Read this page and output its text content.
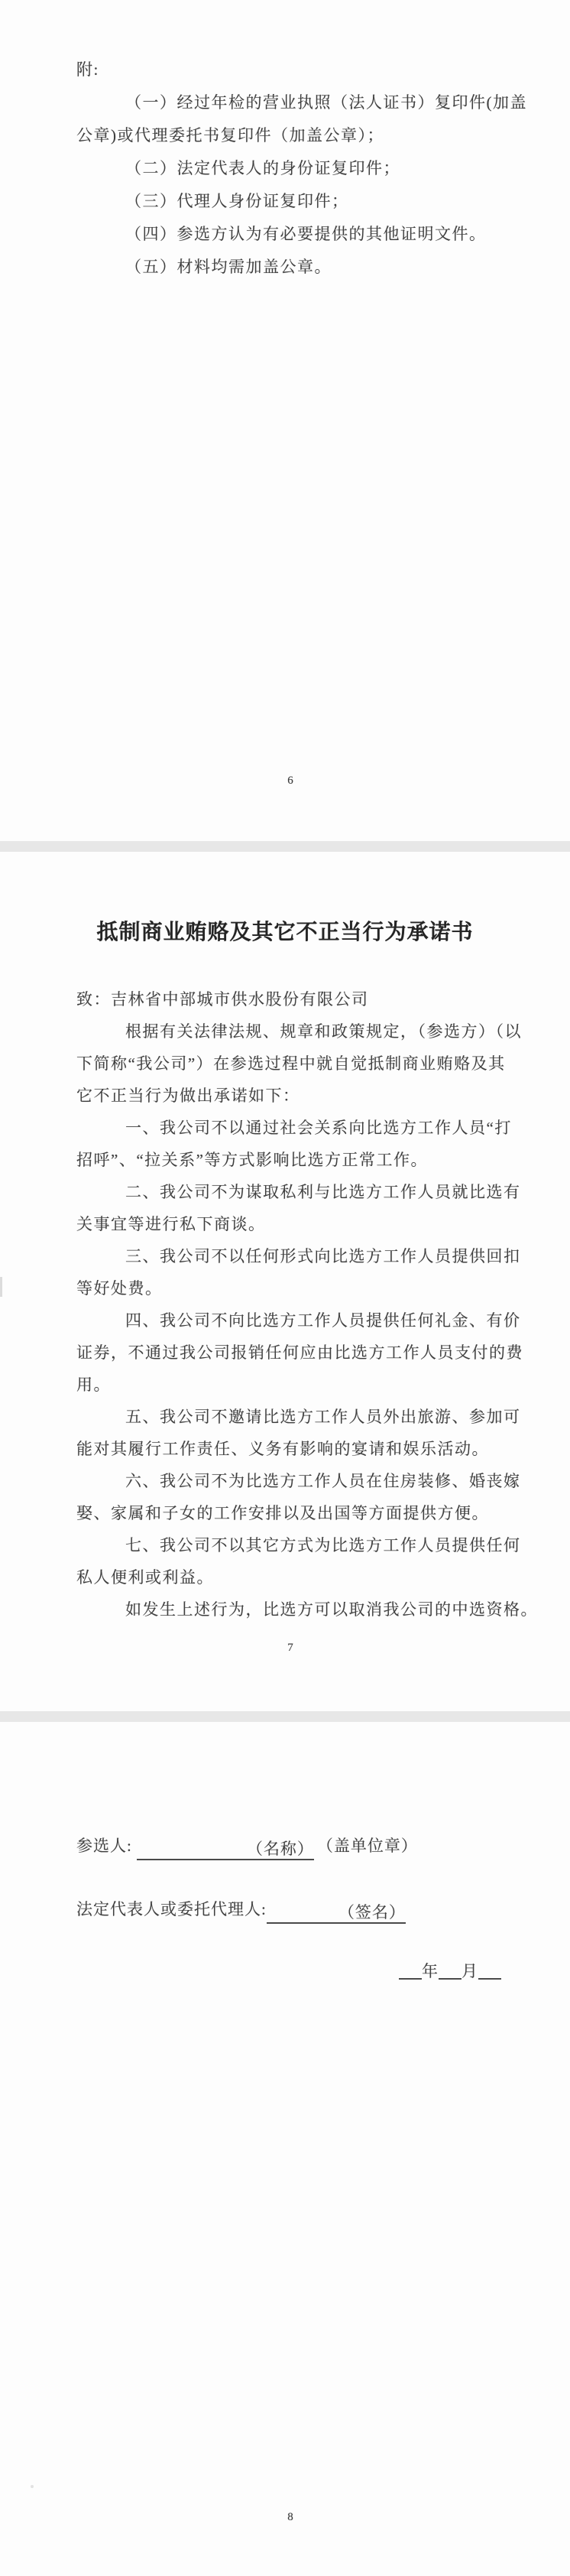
附:
（一）经过年检的营业执照（法人证书）复印件(加盖
公章)或代理委托书复印件（加盖公章）；
（二）法定代表人的身份证复印件；
（三）代理人身份证复印件；
（四）参选方认为有必要提供的其他证明文件。
（五）材料均需加盖公章。
6
抵制商业贿赂及其它不正当行为承诺书
致：吉林省中部城市供水股份有限公司
根据有关法律法规、规章和政策规定，（参选方）（以
下简称“我公司”）在参选过程中就自觉抵制商业贿赂及其
它不正当行为做出承诺如下：
一、我公司不以通过社会关系向比选方工作人员“打
招呼”、“拉关系”等方式影响比选方正常工作。
二、我公司不为谋取私利与比选方工作人员就比选有
关事宜等进行私下商谈。
三、我公司不以任何形式向比选方工作人员提供回扣
等好处费。
四、我公司不向比选方工作人员提供任何礼金、有价
证券，不通过我公司报销任何应由比选方工作人员支付的费
用。
五、我公司不邀请比选方工作人员外出旅游、参加可
能对其履行工作责任、义务有影响的宴请和娱乐活动。
六、我公司不为比选方工作人员在住房装修、婚丧嫁
娶、家属和子女的工作安排以及出国等方面提供方便。
七、我公司不以其它方式为比选方工作人员提供任何
私人便利或利益。
如发生上述行为，比选方可以取消我公司的中选资格。
7
参选人:	（名称） （盖单位章）
法定代表人或委托代理人:	（签名）
年 月
8
